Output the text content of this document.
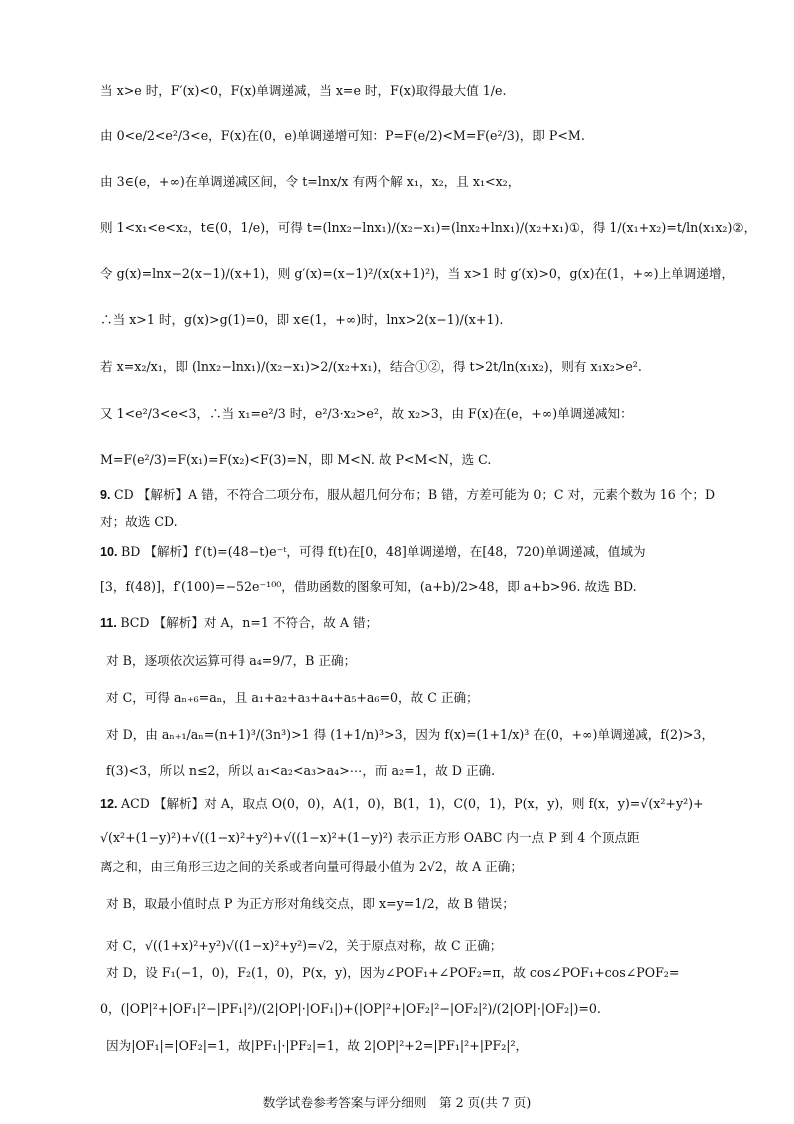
当 x>e 时，F′(x)<0，F(x)单调递减，当 x=e 时，F(x)取得最大值 1/e.
由 0<e/2<e²/3<e，F(x)在(0，e)单调递增可知：P=F(e/2)<M=F(e²/3)，即 P<M.
由 3∈(e，+∞)在单调递减区间，令 t=lnx/x 有两个解 x₁，x₂，且 x₁<x₂，
则 1<x₁<e<x₂，t∈(0，1/e)，可得 t=(lnx₂−lnx₁)/(x₂−x₁)=(lnx₂+lnx₁)/(x₂+x₁)①，得 1/(x₁+x₂)=t/ln(x₁x₂)②，
令 g(x)=lnx−2(x−1)/(x+1)，则 g′(x)=(x−1)²/(x(x+1)²)，当 x>1 时 g′(x)>0，g(x)在(1，+∞)上单调递增，
∴当 x>1 时，g(x)>g(1)=0，即 x∈(1，+∞)时，lnx>2(x−1)/(x+1).
若 x=x₂/x₁，即 (lnx₂−lnx₁)/(x₂−x₁)>2/(x₂+x₁)，结合①②，得 t>2t/ln(x₁x₂)，则有 x₁x₂>e².
又 1<e²/3<e<3，∴当 x₁=e²/3 时，e²/3·x₂>e²，故 x₂>3，由 F(x)在(e，+∞)单调递减知：
M=F(e²/3)=F(x₁)=F(x₂)<F(3)=N，即 M<N. 故 P<M<N，选 C.
9. CD 【解析】A 错，不符合二项分布，服从超几何分布；B 错，方差可能为 0；C 对，元素个数为 16 个；D
对；故选 CD.
10. BD 【解析】f′(t)=(48−t)e⁻ᵗ，可得 f(t)在[0，48]单调递增，在[48，720)单调递减，值域为
[3，f(48)]，f′(100)=−52e⁻¹⁰⁰，借助函数的图象可知，(a+b)/2>48，即 a+b>96. 故选 BD.
11. BCD 【解析】对 A，n=1 不符合，故 A 错；
对 B，逐项依次运算可得 a₄=9/7，B 正确；
对 C，可得 aₙ₊₆=aₙ，且 a₁+a₂+a₃+a₄+a₅+a₆=0，故 C 正确；
对 D，由 aₙ₊₁/aₙ=(n+1)³/(3n³)>1 得 (1+1/n)³>3，因为 f(x)=(1+1/x)³ 在(0，+∞)单调递减，f(2)>3，
f(3)<3，所以 n≤2，所以 a₁<a₂<a₃>a₄>⋯，而 a₂=1，故 D 正确.
12. ACD 【解析】对 A，取点 O(0，0)，A(1，0)，B(1，1)，C(0，1)，P(x，y)，则 f(x，y)=√(x²+y²)+
√(x²+(1−y)²)+√((1−x)²+y²)+√((1−x)²+(1−y)²) 表示正方形 OABC 内一点 P 到 4 个顶点距
离之和，由三角形三边之间的关系或者向量可得最小值为 2√2，故 A 正确；
对 B，取最小值时点 P 为正方形对角线交点，即 x=y=1/2，故 B 错误；
对 C，√((1+x)²+y²)√((1−x)²+y²)=√2，关于原点对称，故 C 正确；
对 D，设 F₁(−1，0)，F₂(1，0)，P(x，y)，因为∠POF₁+∠POF₂=π，故 cos∠POF₁+cos∠POF₂=
0，(|OP|²+|OF₁|²−|PF₁|²)/(2|OP|·|OF₁|)+(|OP|²+|OF₂|²−|OF₂|²)/(2|OP|·|OF₂|)=0.
因为|OF₁|=|OF₂|=1，故|PF₁|·|PF₂|=1，故 2|OP|²+2=|PF₁|²+|PF₂|²，
数学试卷参考答案与评分细则　第 2 页(共 7 页)
